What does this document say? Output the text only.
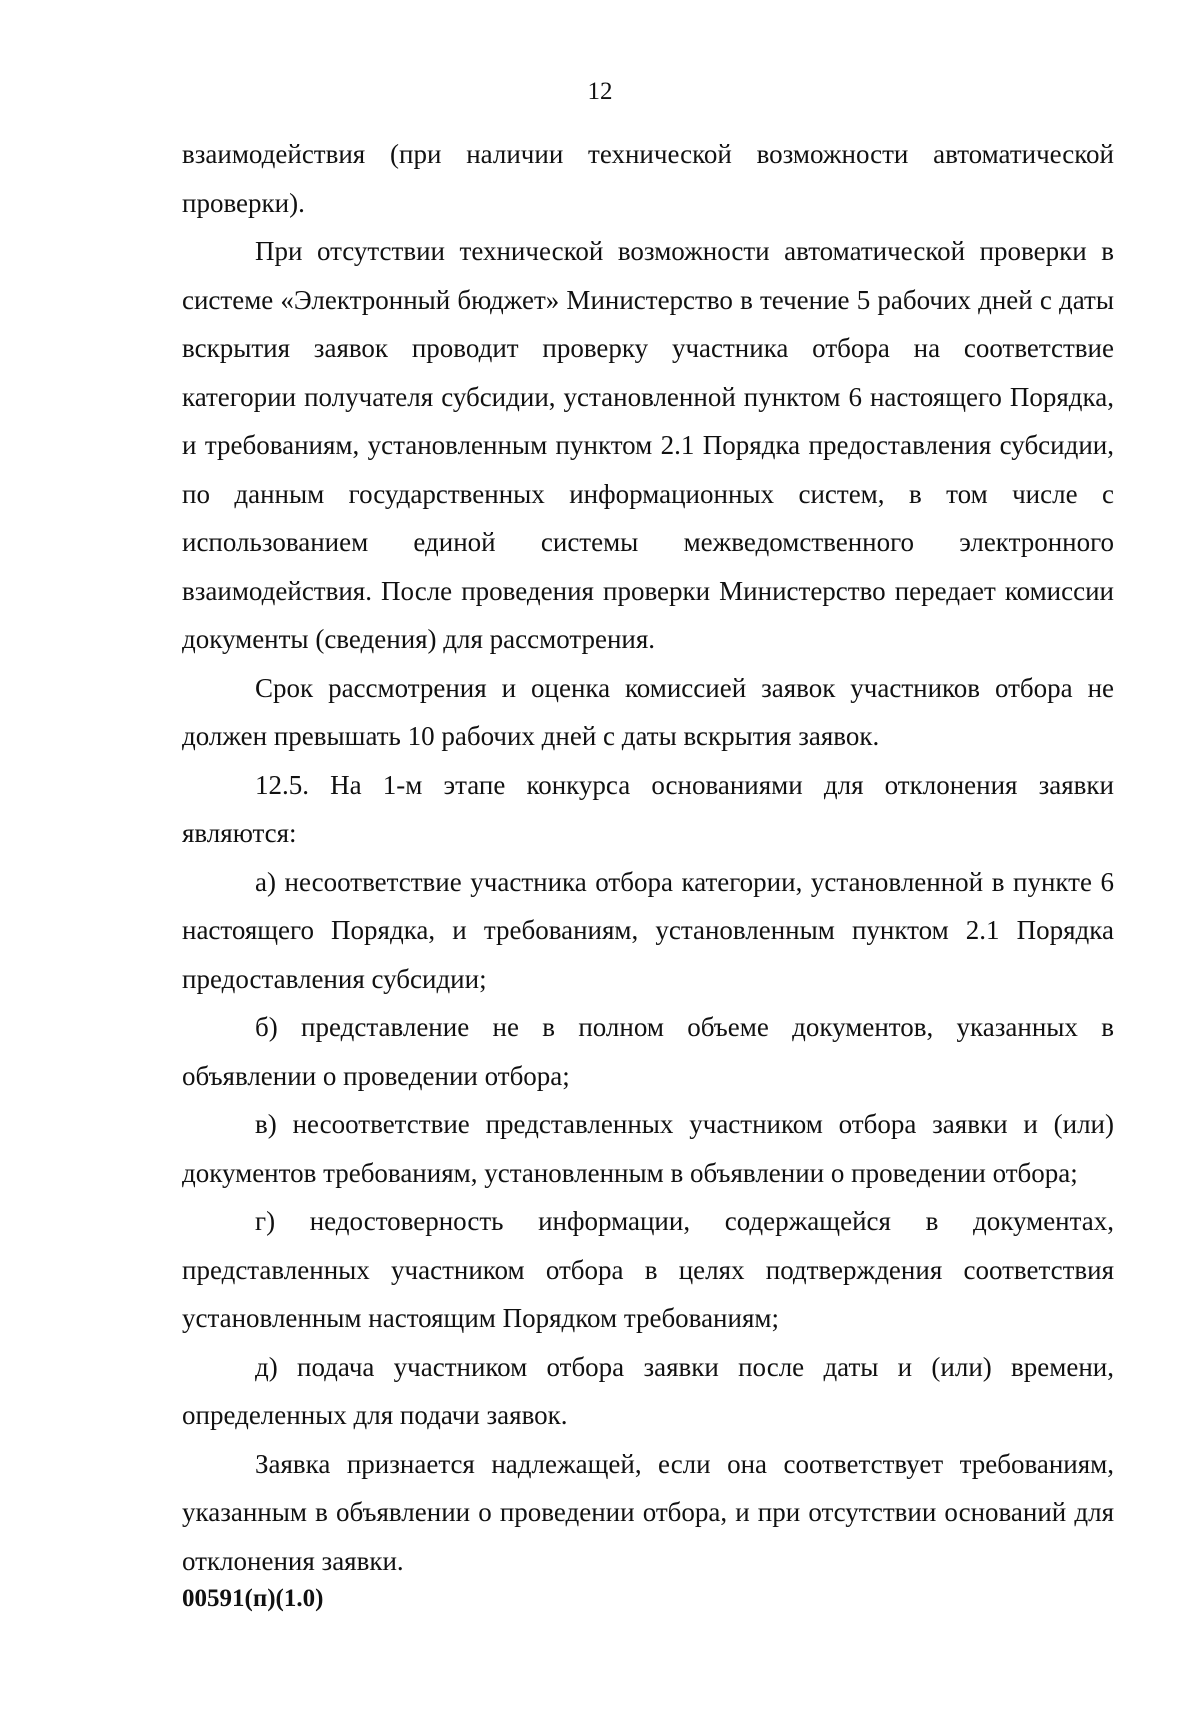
12

взаимодействия (при наличии технической возможности автоматической проверки).

При отсутствии технической возможности автоматической проверки в системе «Электронный бюджет» Министерство в течение 5 рабочих дней с даты вскрытия заявок проводит проверку участника отбора на соответствие категории получателя субсидии, установленной пунктом 6 настоящего Порядка, и требованиям, установленным пунктом 2.1 Порядка предоставления субсидии, по данным государственных информационных систем, в том числе с использованием единой системы межведомственного электронного взаимодействия. После проведения проверки Министерство передает комиссии документы (сведения) для рассмотрения.

Срок рассмотрения и оценка комиссией заявок участников отбора не должен превышать 10 рабочих дней с даты вскрытия заявок.

12.5. На 1-м этапе конкурса основаниями для отклонения заявки являются:

а) несоответствие участника отбора категории, установленной в пункте 6 настоящего Порядка, и требованиям, установленным пунктом 2.1 Порядка предоставления субсидии;

б) представление не в полном объеме документов, указанных в объявлении о проведении отбора;

в) несоответствие представленных участником отбора заявки и (или) документов требованиям, установленным в объявлении о проведении отбора;

г) недостоверность информации, содержащейся в документах, представленных участником отбора в целях подтверждения соответствия установленным настоящим Порядком требованиям;

д) подача участником отбора заявки после даты и (или) времени, определенных для подачи заявок.

Заявка признается надлежащей, если она соответствует требованиям, указанным в объявлении о проведении отбора, и при отсутствии оснований для отклонения заявки.

00591(п)(1.0)
